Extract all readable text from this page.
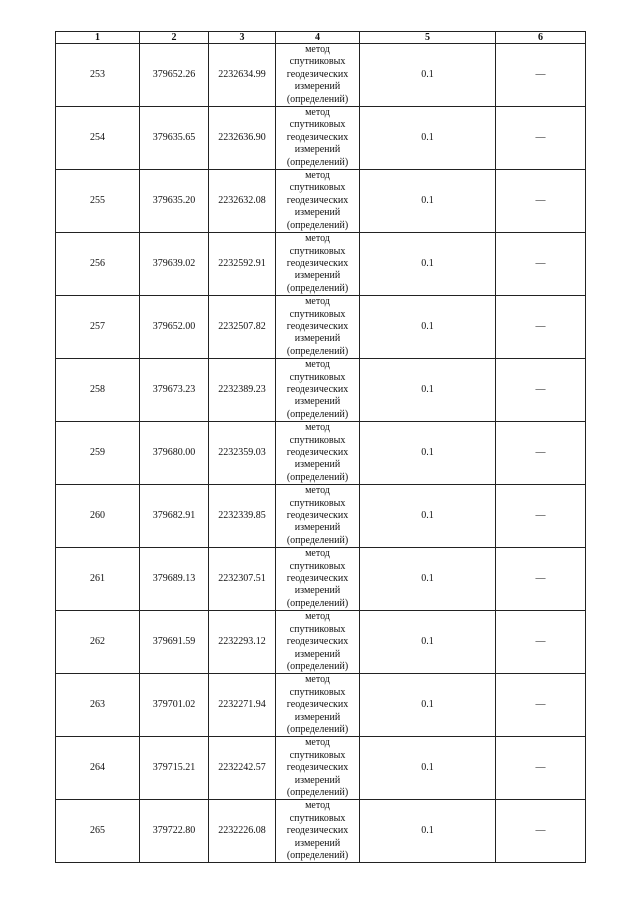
1	2	3	4	5	6
253	379652.26	2232634.99	метод
спутниковых
геодезических
измерений
(определений)	0.1	—
254	379635.65	2232636.90	метод
спутниковых
геодезических
измерений
(определений)	0.1	—
255	379635.20	2232632.08	метод
спутниковых
геодезических
измерений
(определений)	0.1	—
256	379639.02	2232592.91	метод
спутниковых
геодезических
измерений
(определений)	0.1	—
257	379652.00	2232507.82	метод
спутниковых
геодезических
измерений
(определений)	0.1	—
258	379673.23	2232389.23	метод
спутниковых
геодезических
измерений
(определений)	0.1	—
259	379680.00	2232359.03	метод
спутниковых
геодезических
измерений
(определений)	0.1	—
260	379682.91	2232339.85	метод
спутниковых
геодезических
измерений
(определений)	0.1	—
261	379689.13	2232307.51	метод
спутниковых
геодезических
измерений
(определений)	0.1	—
262	379691.59	2232293.12	метод
спутниковых
геодезических
измерений
(определений)	0.1	—
263	379701.02	2232271.94	метод
спутниковых
геодезических
измерений
(определений)	0.1	—
264	379715.21	2232242.57	метод
спутниковых
геодезических
измерений
(определений)	0.1	—
265	379722.80	2232226.08	метод
спутниковых
геодезических
измерений
(определений)	0.1	—
